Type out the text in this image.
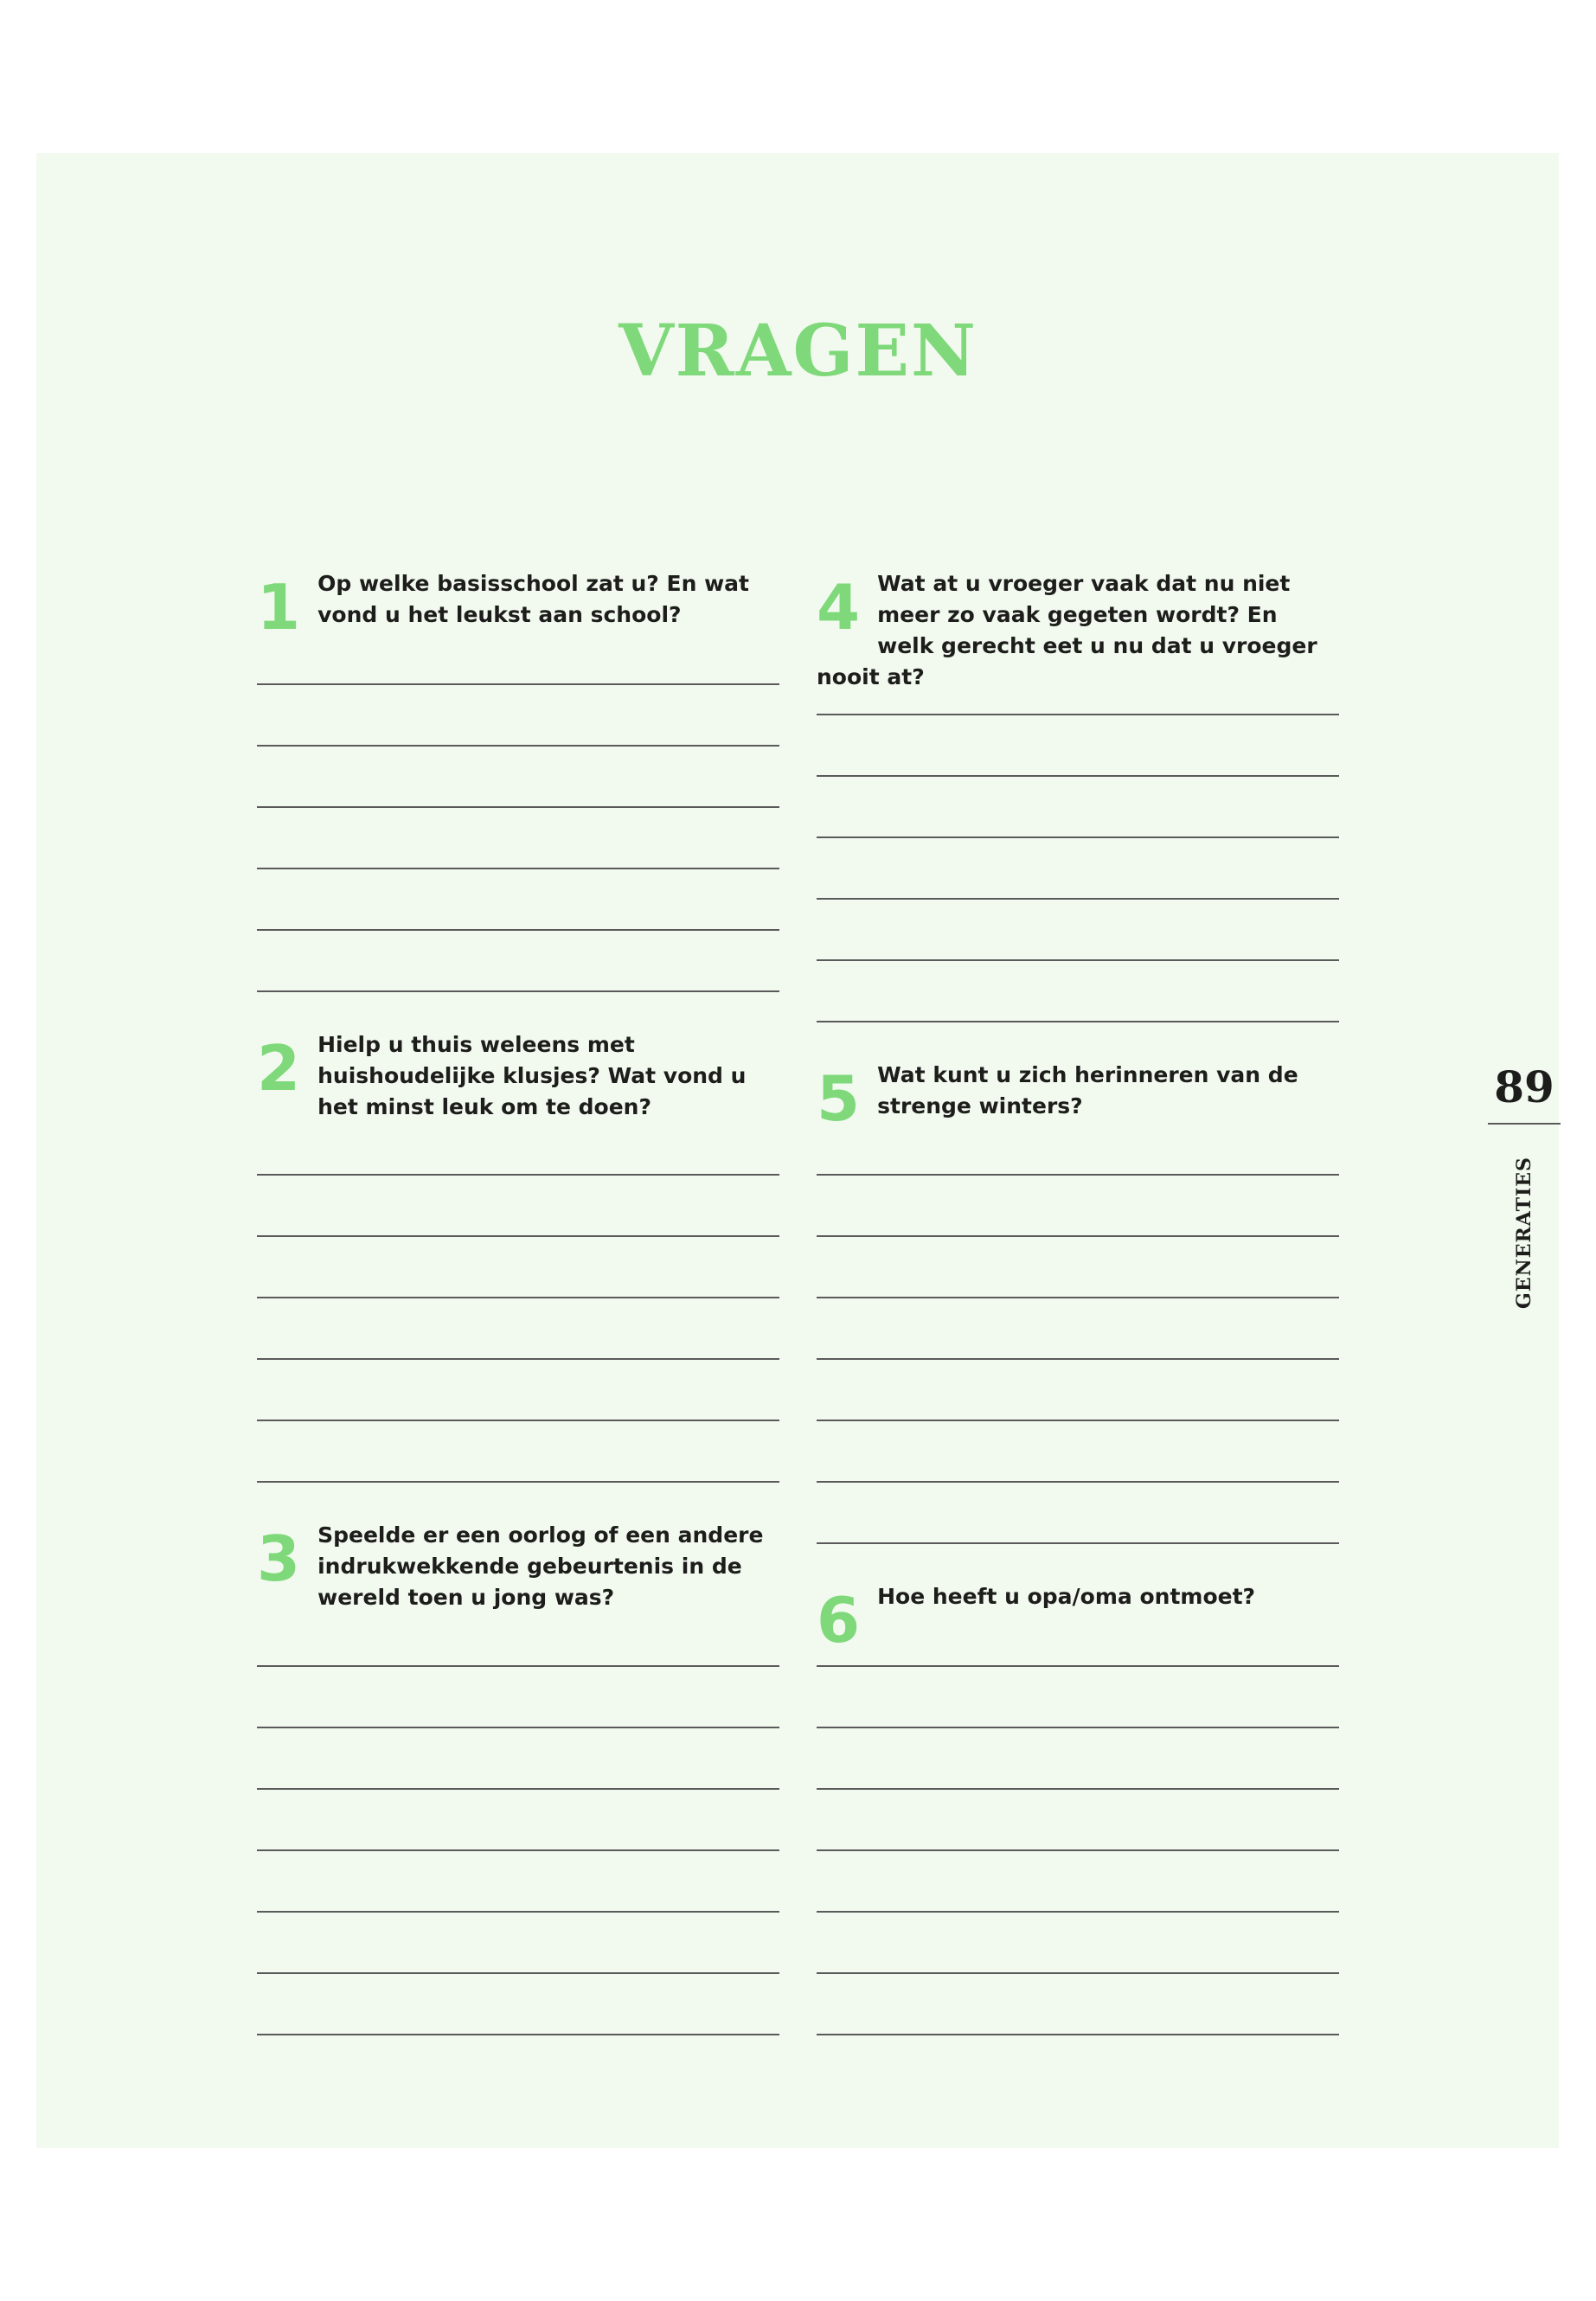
VRAGEN

1 Op welke basisschool zat u? En wat vond u het leukst aan school?

2 Hielp u thuis weleens met huishoudelijke klusjes? Wat vond u het minst leuk om te doen?

3 Speelde er een oorlog of een andere indrukwekkende gebeurtenis in de wereld toen u jong was?

4 Wat at u vroeger vaak dat nu niet meer zo vaak gegeten wordt? En welk gerecht eet u nu dat u vroeger nooit at?

5 Wat kunt u zich herinneren van de strenge winters?

6 Hoe heeft u opa/oma ontmoet?

89
GENERATIES
